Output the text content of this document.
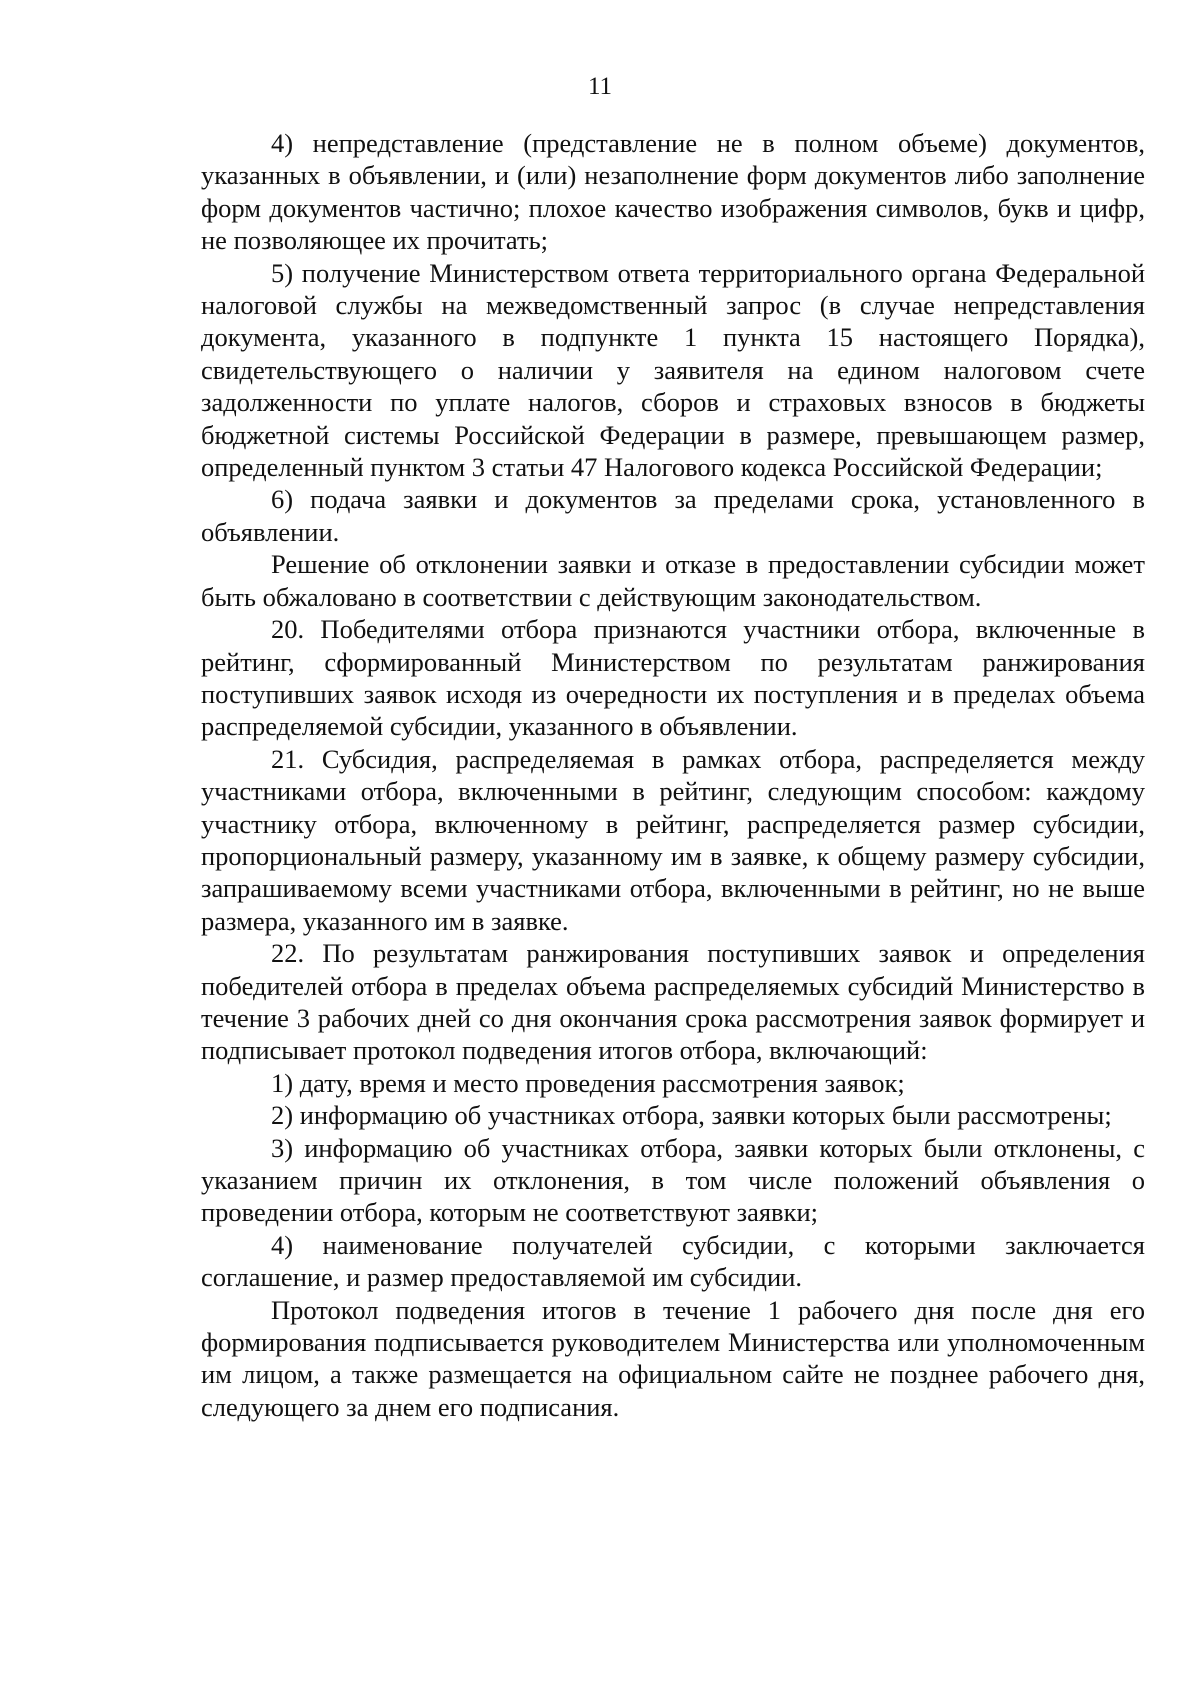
11

4) непредставление (представление не в полном объеме) документов, указанных в объявлении, и (или) незаполнение форм документов либо заполнение форм документов частично; плохое качество изображения символов, букв и цифр, не позволяющее их прочитать;

5) получение Министерством ответа территориального органа Федеральной налоговой службы на межведомственный запрос (в случае непредставления документа, указанного в подпункте 1 пункта 15 настоящего Порядка), свидетельствующего о наличии у заявителя на едином налоговом счете задолженности по уплате налогов, сборов и страховых взносов в бюджеты бюджетной системы Российской Федерации в размере, превышающем размер, определенный пунктом 3 статьи 47 Налогового кодекса Российской Федерации;

6) подача заявки и документов за пределами срока, установленного в объявлении.

Решение об отклонении заявки и отказе в предоставлении субсидии может быть обжаловано в соответствии с действующим законодательством.

20. Победителями отбора признаются участники отбора, включенные в рейтинг, сформированный Министерством по результатам ранжирования поступивших заявок исходя из очередности их поступления и в пределах объема распределяемой субсидии, указанного в объявлении.

21. Субсидия, распределяемая в рамках отбора, распределяется между участниками отбора, включенными в рейтинг, следующим способом: каждому участнику отбора, включенному в рейтинг, распределяется размер субсидии, пропорциональный размеру, указанному им в заявке, к общему размеру субсидии, запрашиваемому всеми участниками отбора, включенными в рейтинг, но не выше размера, указанного им в заявке.

22. По результатам ранжирования поступивших заявок и определения победителей отбора в пределах объема распределяемых субсидий Министерство в течение 3 рабочих дней со дня окончания срока рассмотрения заявок формирует и подписывает протокол подведения итогов отбора, включающий:

1) дату, время и место проведения рассмотрения заявок;

2) информацию об участниках отбора, заявки которых были рассмотрены;

3) информацию об участниках отбора, заявки которых были отклонены, с указанием причин их отклонения, в том числе положений объявления о проведении отбора, которым не соответствуют заявки;

4) наименование получателей субсидии, с которыми заключается соглашение, и размер предоставляемой им субсидии.

Протокол подведения итогов в течение 1 рабочего дня после дня его формирования подписывается руководителем Министерства или уполномоченным им лицом, а также размещается на официальном сайте не позднее рабочего дня, следующего за днем его подписания.
